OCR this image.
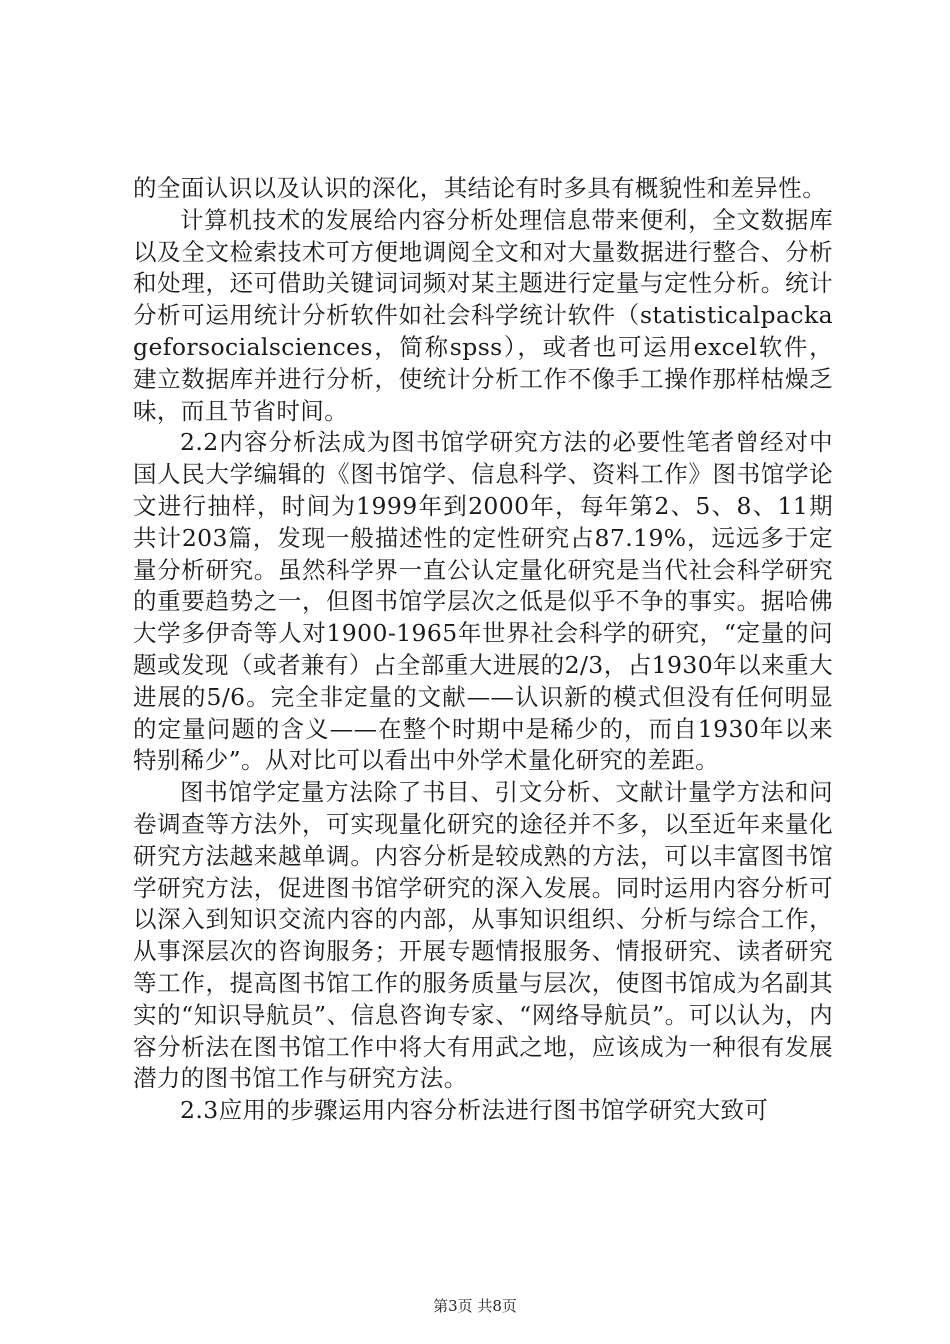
的全面认识以及认识的深化，其结论有时多具有概貌性和差异性。

计算机技术的发展给内容分析处理信息带来便利，全文数据库以及全文检索技术可方便地调阅全文和对大量数据进行整合、分析和处理，还可借助关键词词频对某主题进行定量与定性分析。统计分析可运用统计分析软件如社会科学统计软件（statisticalpackageforsocialsciences，简称spss），或者也可运用excel软件，建立数据库并进行分析，使统计分析工作不像手工操作那样枯燥乏味，而且节省时间。

2.2内容分析法成为图书馆学研究方法的必要性笔者曾经对中国人民大学编辑的《图书馆学、信息科学、资料工作》图书馆学论文进行抽样，时间为1999年到2000年，每年第2、5、8、11期共计203篇，发现一般描述性的定性研究占87.19%，远远多于定量分析研究。虽然科学界一直公认定量化研究是当代社会科学研究的重要趋势之一，但图书馆学层次之低是似乎不争的事实。据哈佛大学多伊奇等人对1900-1965年世界社会科学的研究，“定量的问题或发现（或者兼有）占全部重大进展的2/3，占1930年以来重大进展的5/6。完全非定量的文献——认识新的模式但没有任何明显的定量问题的含义——在整个时期中是稀少的，而自1930年以来特别稀少”。从对比可以看出中外学术量化研究的差距。

图书馆学定量方法除了书目、引文分析、文献计量学方法和问卷调查等方法外，可实现量化研究的途径并不多，以至近年来量化研究方法越来越单调。内容分析是较成熟的方法，可以丰富图书馆学研究方法，促进图书馆学研究的深入发展。同时运用内容分析可以深入到知识交流内容的内部，从事知识组织、分析与综合工作，从事深层次的咨询服务；开展专题情报服务、情报研究、读者研究等工作，提高图书馆工作的服务质量与层次，使图书馆成为名副其实的“知识导航员”、信息咨询专家、“网络导航员”。可以认为，内容分析法在图书馆工作中将大有用武之地，应该成为一种很有发展潜力的图书馆工作与研究方法。

2.3应用的步骤运用内容分析法进行图书馆学研究大致可

第3页 共8页
